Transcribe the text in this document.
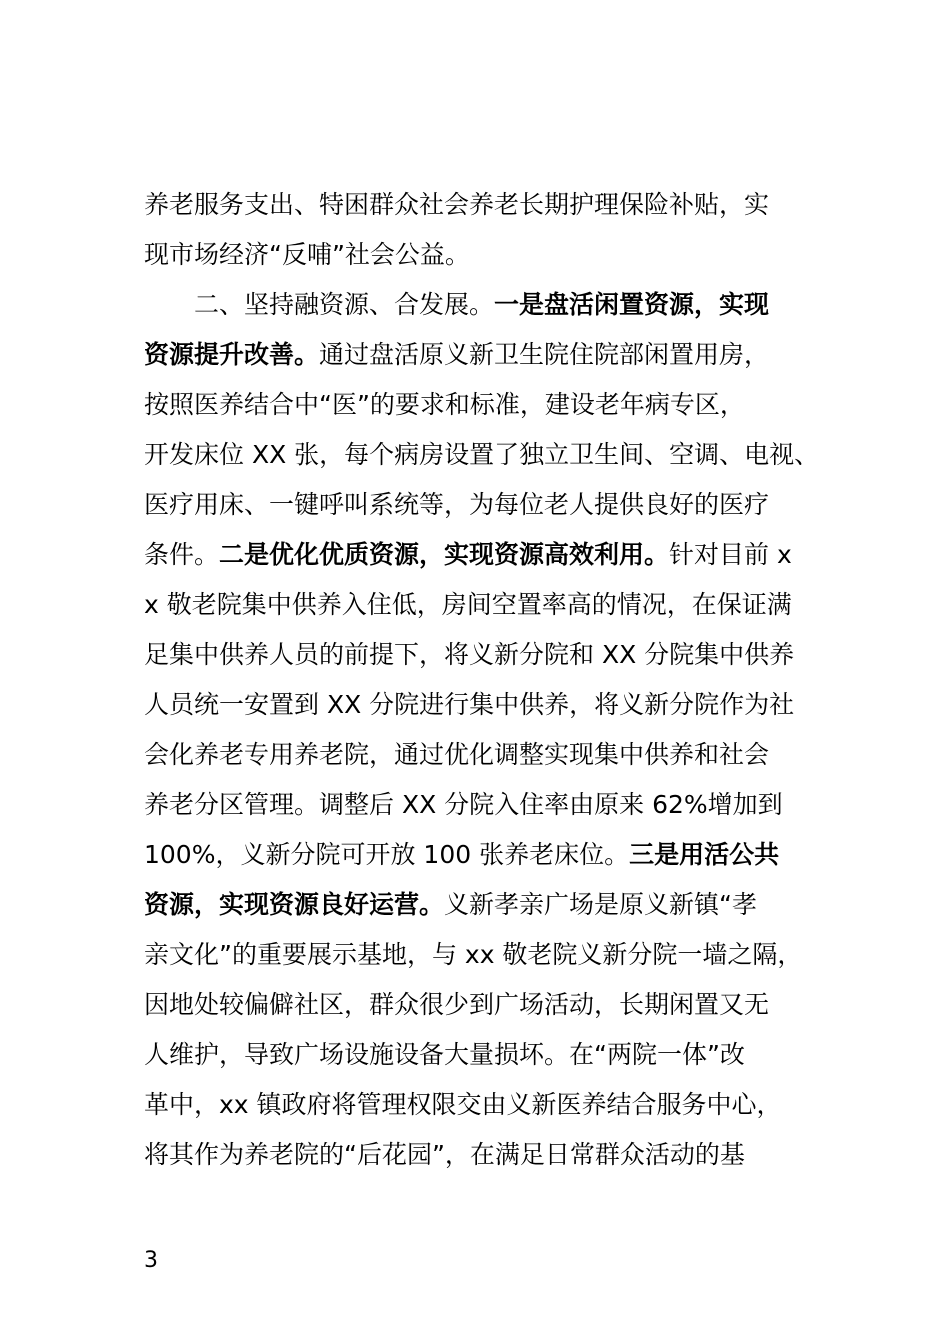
养老服务支出、特困群众社会养老长期护理保险补贴，实
现市场经济“反哺”社会公益。
二、坚持融资源、合发展。一是盘活闲置资源，实现
资源提升改善。通过盘活原义新卫生院住院部闲置用房，
按照医养结合中“医”的要求和标准，建设老年病专区，
开发床位 XX 张，每个病房设置了独立卫生间、空调、电视、
医疗用床、一键呼叫系统等，为每位老人提供良好的医疗
条件。二是优化优质资源，实现资源高效利用。针对目前 x
x 敬老院集中供养入住低，房间空置率高的情况，在保证满
足集中供养人员的前提下，将义新分院和 XX 分院集中供养
人员统一安置到 XX 分院进行集中供养，将义新分院作为社
会化养老专用养老院，通过优化调整实现集中供养和社会
养老分区管理。调整后 XX 分院入住率由原来 62%增加到
100%，义新分院可开放 100 张养老床位。三是用活公共
资源，实现资源良好运营。义新孝亲广场是原义新镇“孝
亲文化”的重要展示基地，与 xx 敬老院义新分院一墙之隔，
因地处较偏僻社区，群众很少到广场活动，长期闲置又无
人维护，导致广场设施设备大量损坏。在“两院一体”改
革中，xx 镇政府将管理权限交由义新医养结合服务中心，
将其作为养老院的“后花园”，在满足日常群众活动的基
3
